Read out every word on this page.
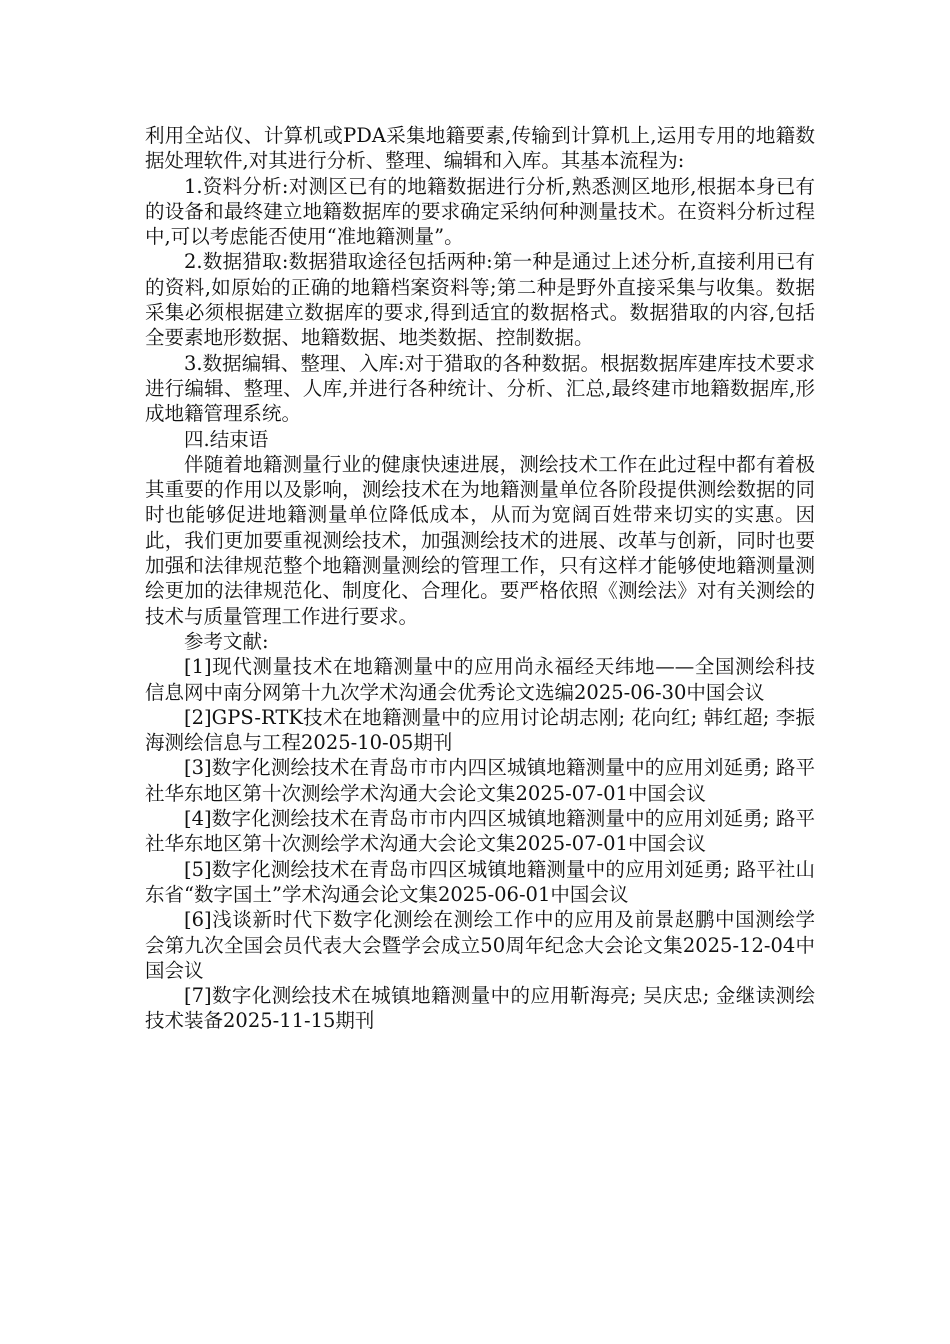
利用全站仪、计算机或PDA采集地籍要素,传输到计算机上,运用专用的地籍数据处理软件,对其进行分析、整理、编辑和入库。其基本流程为:

1.资料分析:对测区已有的地籍数据进行分析,熟悉测区地形,根据本身已有的设备和最终建立地籍数据库的要求确定采纳何种测量技术。在资料分析过程中,可以考虑能否使用“准地籍测量”。

2.数据猎取:数据猎取途径包括两种:第一种是通过上述分析,直接利用已有的资料,如原始的正确的地籍档案资料等;第二种是野外直接采集与收集。数据采集必须根据建立数据库的要求,得到适宜的数据格式。数据猎取的内容,包括全要素地形数据、地籍数据、地类数据、控制数据。

3.数据编辑、整理、入库:对于猎取的各种数据。根据数据库建库技术要求进行编辑、整理、人库,并进行各种统计、分析、汇总,最终建市地籍数据库,形成地籍管理系统。

四.结束语

伴随着地籍测量行业的健康快速进展，测绘技术工作在此过程中都有着极其重要的作用以及影响，测绘技术在为地籍测量单位各阶段提供测绘数据的同时也能够促进地籍测量单位降低成本，从而为宽阔百姓带来切实的实惠。因此，我们更加要重视测绘技术，加强测绘技术的进展、改革与创新，同时也要加强和法律规范整个地籍测量测绘的管理工作，只有这样才能够使地籍测量测绘更加的法律规范化、制度化、合理化。要严格依照《测绘法》对有关测绘的技术与质量管理工作进行要求。

参考文献:

[1]现代测量技术在地籍测量中的应用尚永福经天纬地——全国测绘科技信息网中南分网第十九次学术沟通会优秀论文选编2025-06-30中国会议

[2]GPS-RTK技术在地籍测量中的应用讨论胡志刚; 花向红; 韩红超; 李振海测绘信息与工程2025-10-05期刊

[3]数字化测绘技术在青岛市市内四区城镇地籍测量中的应用刘延勇; 路平社华东地区第十次测绘学术沟通大会论文集2025-07-01中国会议

[4]数字化测绘技术在青岛市市内四区城镇地籍测量中的应用刘延勇; 路平社华东地区第十次测绘学术沟通大会论文集2025-07-01中国会议

[5]数字化测绘技术在青岛市四区城镇地籍测量中的应用刘延勇; 路平社山东省“数字国土”学术沟通会论文集2025-06-01中国会议

[6]浅谈新时代下数字化测绘在测绘工作中的应用及前景赵鹏中国测绘学会第九次全国会员代表大会暨学会成立50周年纪念大会论文集2025-12-04中国会议

[7]数字化测绘技术在城镇地籍测量中的应用靳海亮; 吴庆忠; 金继读测绘技术装备2025-11-15期刊
